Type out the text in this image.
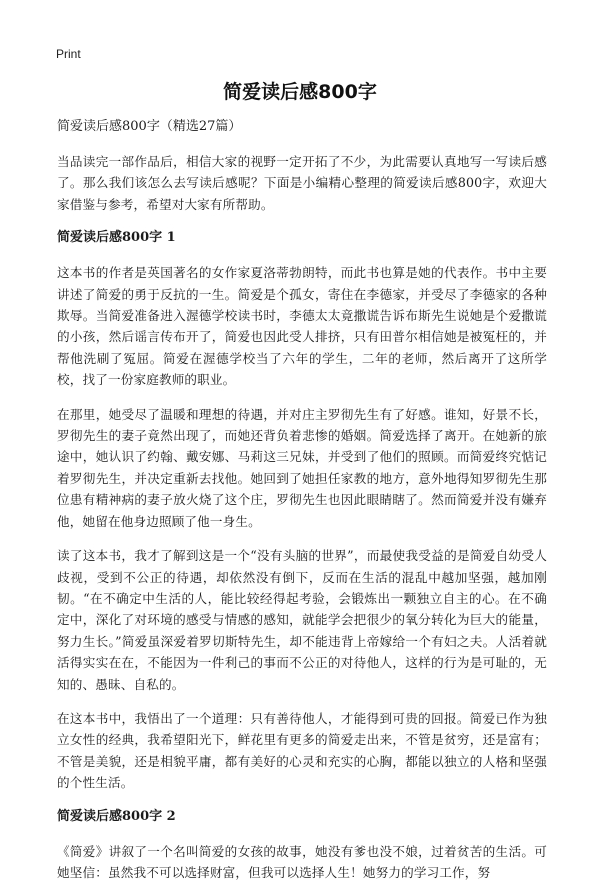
Print
简爱读后感800字

简爱读后感800字（精选27篇）

当品读完一部作品后，相信大家的视野一定开拓了不少，为此需要认真地写一写读后感了。那么我们该怎么去写读后感呢？下面是小编精心整理的简爱读后感800字，欢迎大家借鉴与参考，希望对大家有所帮助。

简爱读后感800字 1

这本书的作者是英国著名的女作家夏洛蒂勃朗特，而此书也算是她的代表作。书中主要讲述了简爱的勇于反抗的一生。简爱是个孤女，寄住在李德家，并受尽了李德家的各种欺辱。当简爱准备进入渥德学校读书时，李德太太竟撒谎告诉布斯先生说她是个爱撒谎的小孩，然后谣言传布开了，简爱也因此受人排挤，只有田普尔相信她是被冤枉的，并帮他洗刷了冤屈。简爱在渥德学校当了六年的学生，二年的老师，然后离开了这所学校，找了一份家庭教师的职业。

在那里，她受尽了温暖和理想的待遇，并对庄主罗彻先生有了好感。谁知，好景不长，罗彻先生的妻子竟然出现了，而她还背负着悲惨的婚姻。简爱选择了离开。在她新的旅途中，她认识了约翰、戴安娜、马莉这三兄妹，并受到了他们的照顾。而简爱终究惦记着罗彻先生，并决定重新去找他。她回到了她担任家教的地方，意外地得知罗彻先生那位患有精神病的妻子放火烧了这个庄，罗彻先生也因此眼睛瞎了。然而简爱并没有嫌弃他，她留在他身边照顾了他一身生。

读了这本书，我才了解到这是一个“没有头脑的世界”，而最使我受益的是简爱自幼受人歧视，受到不公正的待遇，却依然没有倒下，反而在生活的混乱中越加坚强，越加刚韧。“在不确定中生活的人，能比较经得起考验，会锻炼出一颗独立自主的心。在不确定中，深化了对环境的感受与情感的感知，就能学会把很少的氧分转化为巨大的能量，努力生长。”简爱虽深爱着罗切斯特先生，却不能违背上帝嫁给一个有妇之夫。人活着就活得实实在在，不能因为一件利己的事而不公正的对待他人，这样的行为是可耻的，无知的、愚昧、自私的。

在这本书中，我悟出了一个道理：只有善待他人，才能得到可贵的回报。简爱已作为独立女性的经典，我希望阳光下，鲜花里有更多的简爱走出来，不管是贫穷，还是富有；不管是美貌，还是相貌平庸，都有美好的心灵和充实的心胸，都能以独立的人格和坚强的个性生活。

简爱读后感800字 2

《简爱》讲叙了一个名叫简爱的女孩的故事，她没有爹也没不娘，过着贫苦的生活。可她坚信：虽然我不可以选择财富，但我可以选择人生！她努力的学习工作，努
